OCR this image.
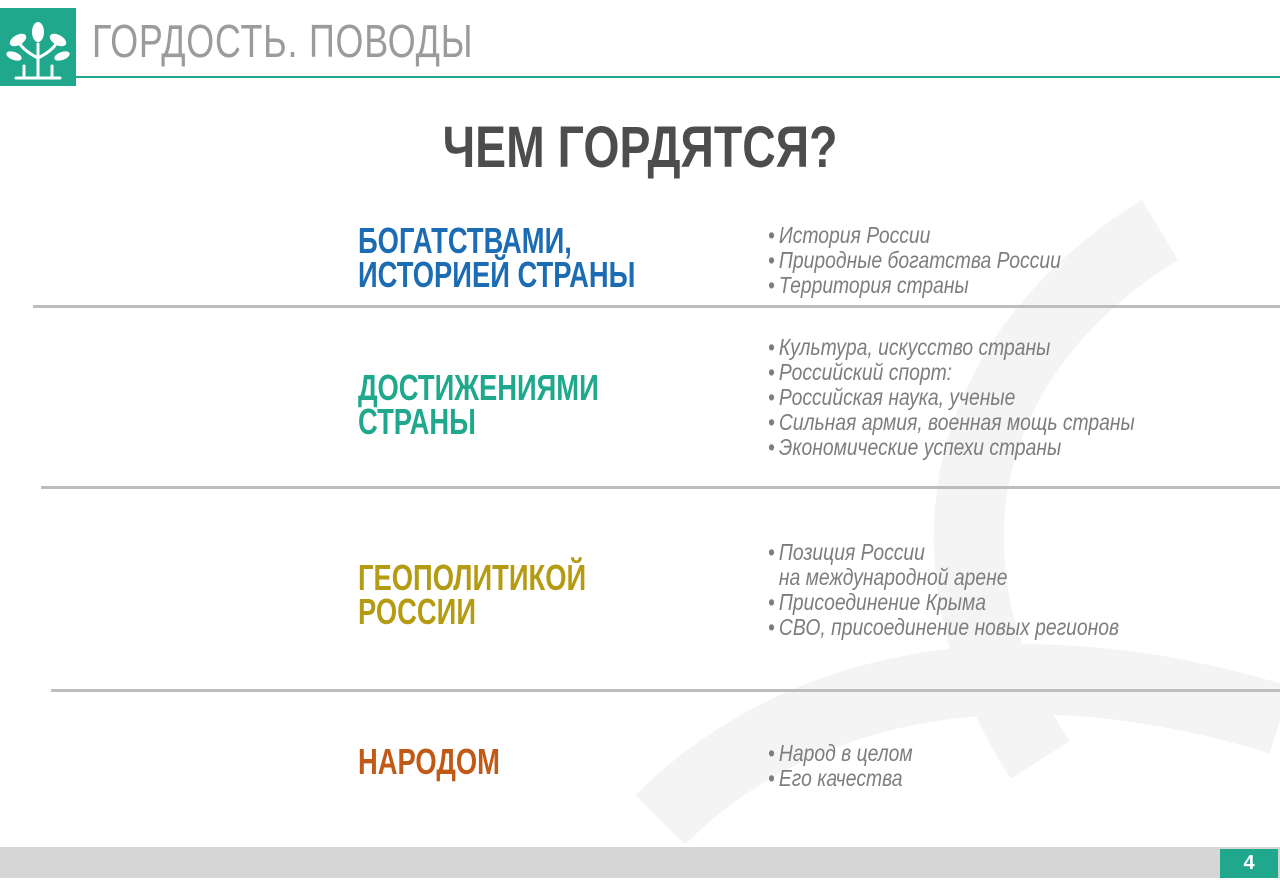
ГОРДОСТЬ. ПОВОДЫ
ЧЕМ ГОРДЯТСЯ?
БОГАТСТВАМИ,
ИСТОРИЕЙ СТРАНЫ
• История России
• Природные богатства России
• Территория страны
ДОСТИЖЕНИЯМИ
СТРАНЫ
• Культура, искусство страны
• Российский спорт:
• Российская наука, ученые
• Сильная армия, военная мощь страны
• Экономические успехи страны
ГЕОПОЛИТИКОЙ
РОССИИ
• Позиция России
на международной арене
• Присоединение Крыма
• СВО, присоединение новых регионов
НАРОДОМ	• Народ в целом
• Его качества
4
